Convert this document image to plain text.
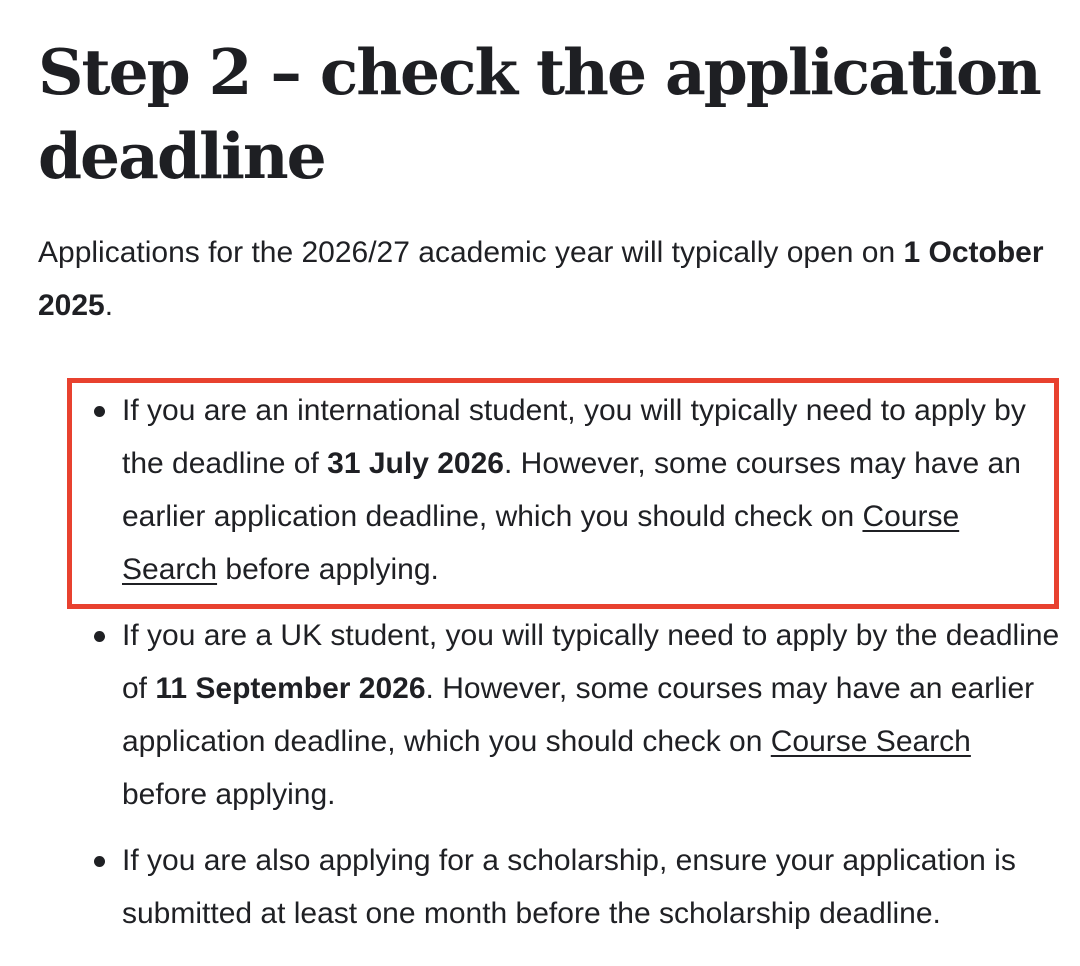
Step 2 – check the application deadline

Applications for the 2026/27 academic year will typically open on 1 October 2025.

If you are an international student, you will typically need to apply by the deadline of 31 July 2026. However, some courses may have an earlier application deadline, which you should check on Course Search before applying.
If you are a UK student, you will typically need to apply by the deadline of 11 September 2026. However, some courses may have an earlier application deadline, which you should check on Course Search before applying.
If you are also applying for a scholarship, ensure your application is submitted at least one month before the scholarship deadline.
